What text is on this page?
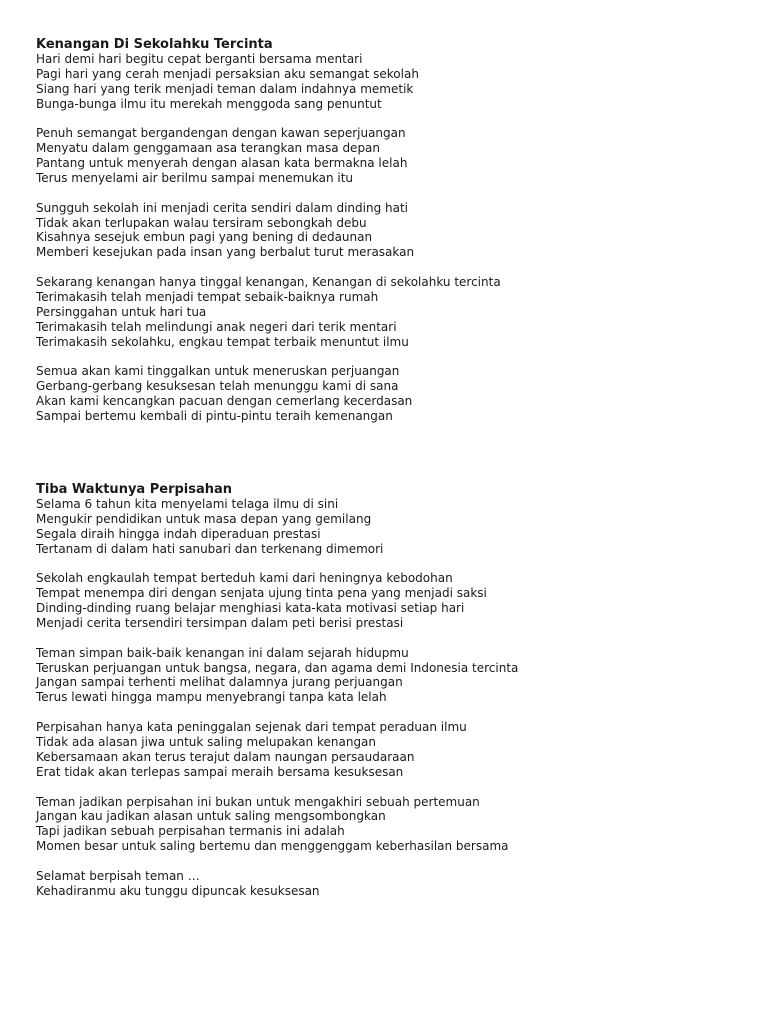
Kenangan Di Sekolahku Tercinta
Hari demi hari begitu cepat berganti bersama mentari
Pagi hari yang cerah menjadi persaksian aku semangat sekolah
Siang hari yang terik menjadi teman dalam indahnya memetik
Bunga-bunga ilmu itu merekah menggoda sang penuntut
Penuh semangat bergandengan dengan kawan seperjuangan
Menyatu dalam genggamaan asa terangkan masa depan
Pantang untuk menyerah dengan alasan kata bermakna lelah
Terus menyelami air berilmu sampai menemukan itu
Sungguh sekolah ini menjadi cerita sendiri dalam dinding hati
Tidak akan terlupakan walau tersiram sebongkah debu
Kisahnya sesejuk embun pagi yang bening di dedaunan
Memberi kesejukan pada insan yang berbalut turut merasakan
Sekarang kenangan hanya tinggal kenangan, Kenangan di sekolahku tercinta
Terimakasih telah menjadi tempat sebaik-baiknya rumah
Persinggahan untuk hari tua
Terimakasih telah melindungi anak negeri dari terik mentari
Terimakasih sekolahku, engkau tempat terbaik menuntut ilmu
Semua akan kami tinggalkan untuk meneruskan perjuangan
Gerbang-gerbang kesuksesan telah menunggu kami di sana
Akan kami kencangkan pacuan dengan cemerlang kecerdasan
Sampai bertemu kembali di pintu-pintu teraih kemenangan
Tiba Waktunya Perpisahan
Selama 6 tahun kita menyelami telaga ilmu di sini
Mengukir pendidikan untuk masa depan yang gemilang
Segala diraih hingga indah diperaduan prestasi
Tertanam di dalam hati sanubari dan terkenang dimemori
Sekolah engkaulah tempat berteduh kami dari heningnya kebodohan
Tempat menempa diri dengan senjata ujung tinta pena yang menjadi saksi
Dinding-dinding ruang belajar menghiasi kata-kata motivasi setiap hari
Menjadi cerita tersendiri tersimpan dalam peti berisi prestasi
Teman simpan baik-baik kenangan ini dalam sejarah hidupmu
Teruskan perjuangan untuk bangsa, negara, dan agama demi Indonesia tercinta
Jangan sampai terhenti melihat dalamnya jurang perjuangan
Terus lewati hingga mampu menyebrangi tanpa kata lelah
Perpisahan hanya kata peninggalan sejenak dari tempat peraduan ilmu
Tidak ada alasan jiwa untuk saling melupakan kenangan
Kebersamaan akan terus terajut dalam naungan persaudaraan
Erat tidak akan terlepas sampai meraih bersama kesuksesan
Teman jadikan perpisahan ini bukan untuk mengakhiri sebuah pertemuan
Jangan kau jadikan alasan untuk saling mengsombongkan
Tapi jadikan sebuah perpisahan termanis ini adalah
Momen besar untuk saling bertemu dan menggenggam keberhasilan bersama
Selamat berpisah teman …
Kehadiranmu aku tunggu dipuncak kesuksesan
